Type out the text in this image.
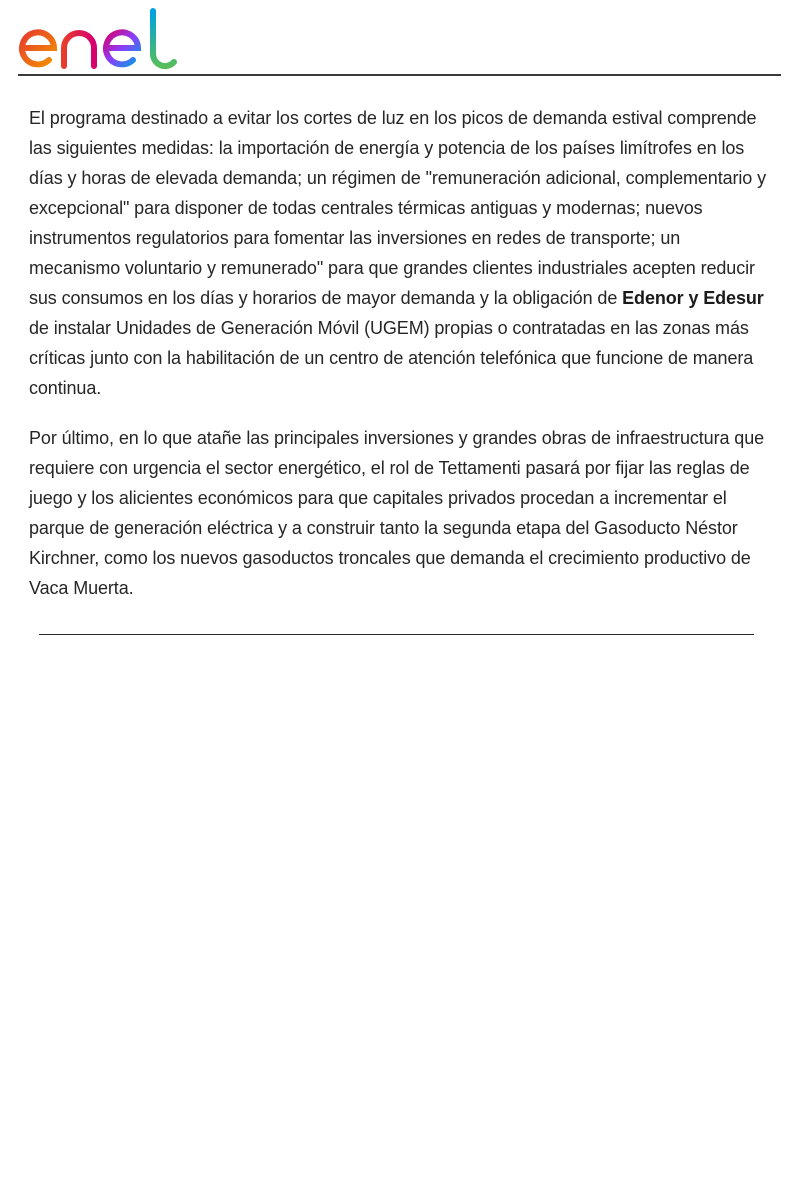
El programa destinado a evitar los cortes de luz en los picos de demanda estival comprende las siguientes medidas: la importación de energía y potencia de los países limítrofes en los días y horas de elevada demanda; un régimen de "remuneración adicional, complementario y excepcional" para disponer de todas centrales térmicas antiguas y modernas; nuevos instrumentos regulatorios para fomentar las inversiones en redes de transporte; un mecanismo voluntario y remunerado" para que grandes clientes industriales acepten reducir sus consumos en los días y horarios de mayor demanda y la obligación de Edenor y Edesur de instalar Unidades de Generación Móvil (UGEM) propias o contratadas en las zonas más críticas junto con la habilitación de un centro de atención telefónica que funcione de manera continua.

Por último, en lo que atañe las principales inversiones y grandes obras de infraestructura que requiere con urgencia el sector energético, el rol de Tettamenti pasará por fijar las reglas de juego y los alicientes económicos para que capitales privados procedan a incrementar el parque de generación eléctrica y a construir tanto la segunda etapa del Gasoducto Néstor Kirchner, como los nuevos gasoductos troncales que demanda el crecimiento productivo de Vaca Muerta.
